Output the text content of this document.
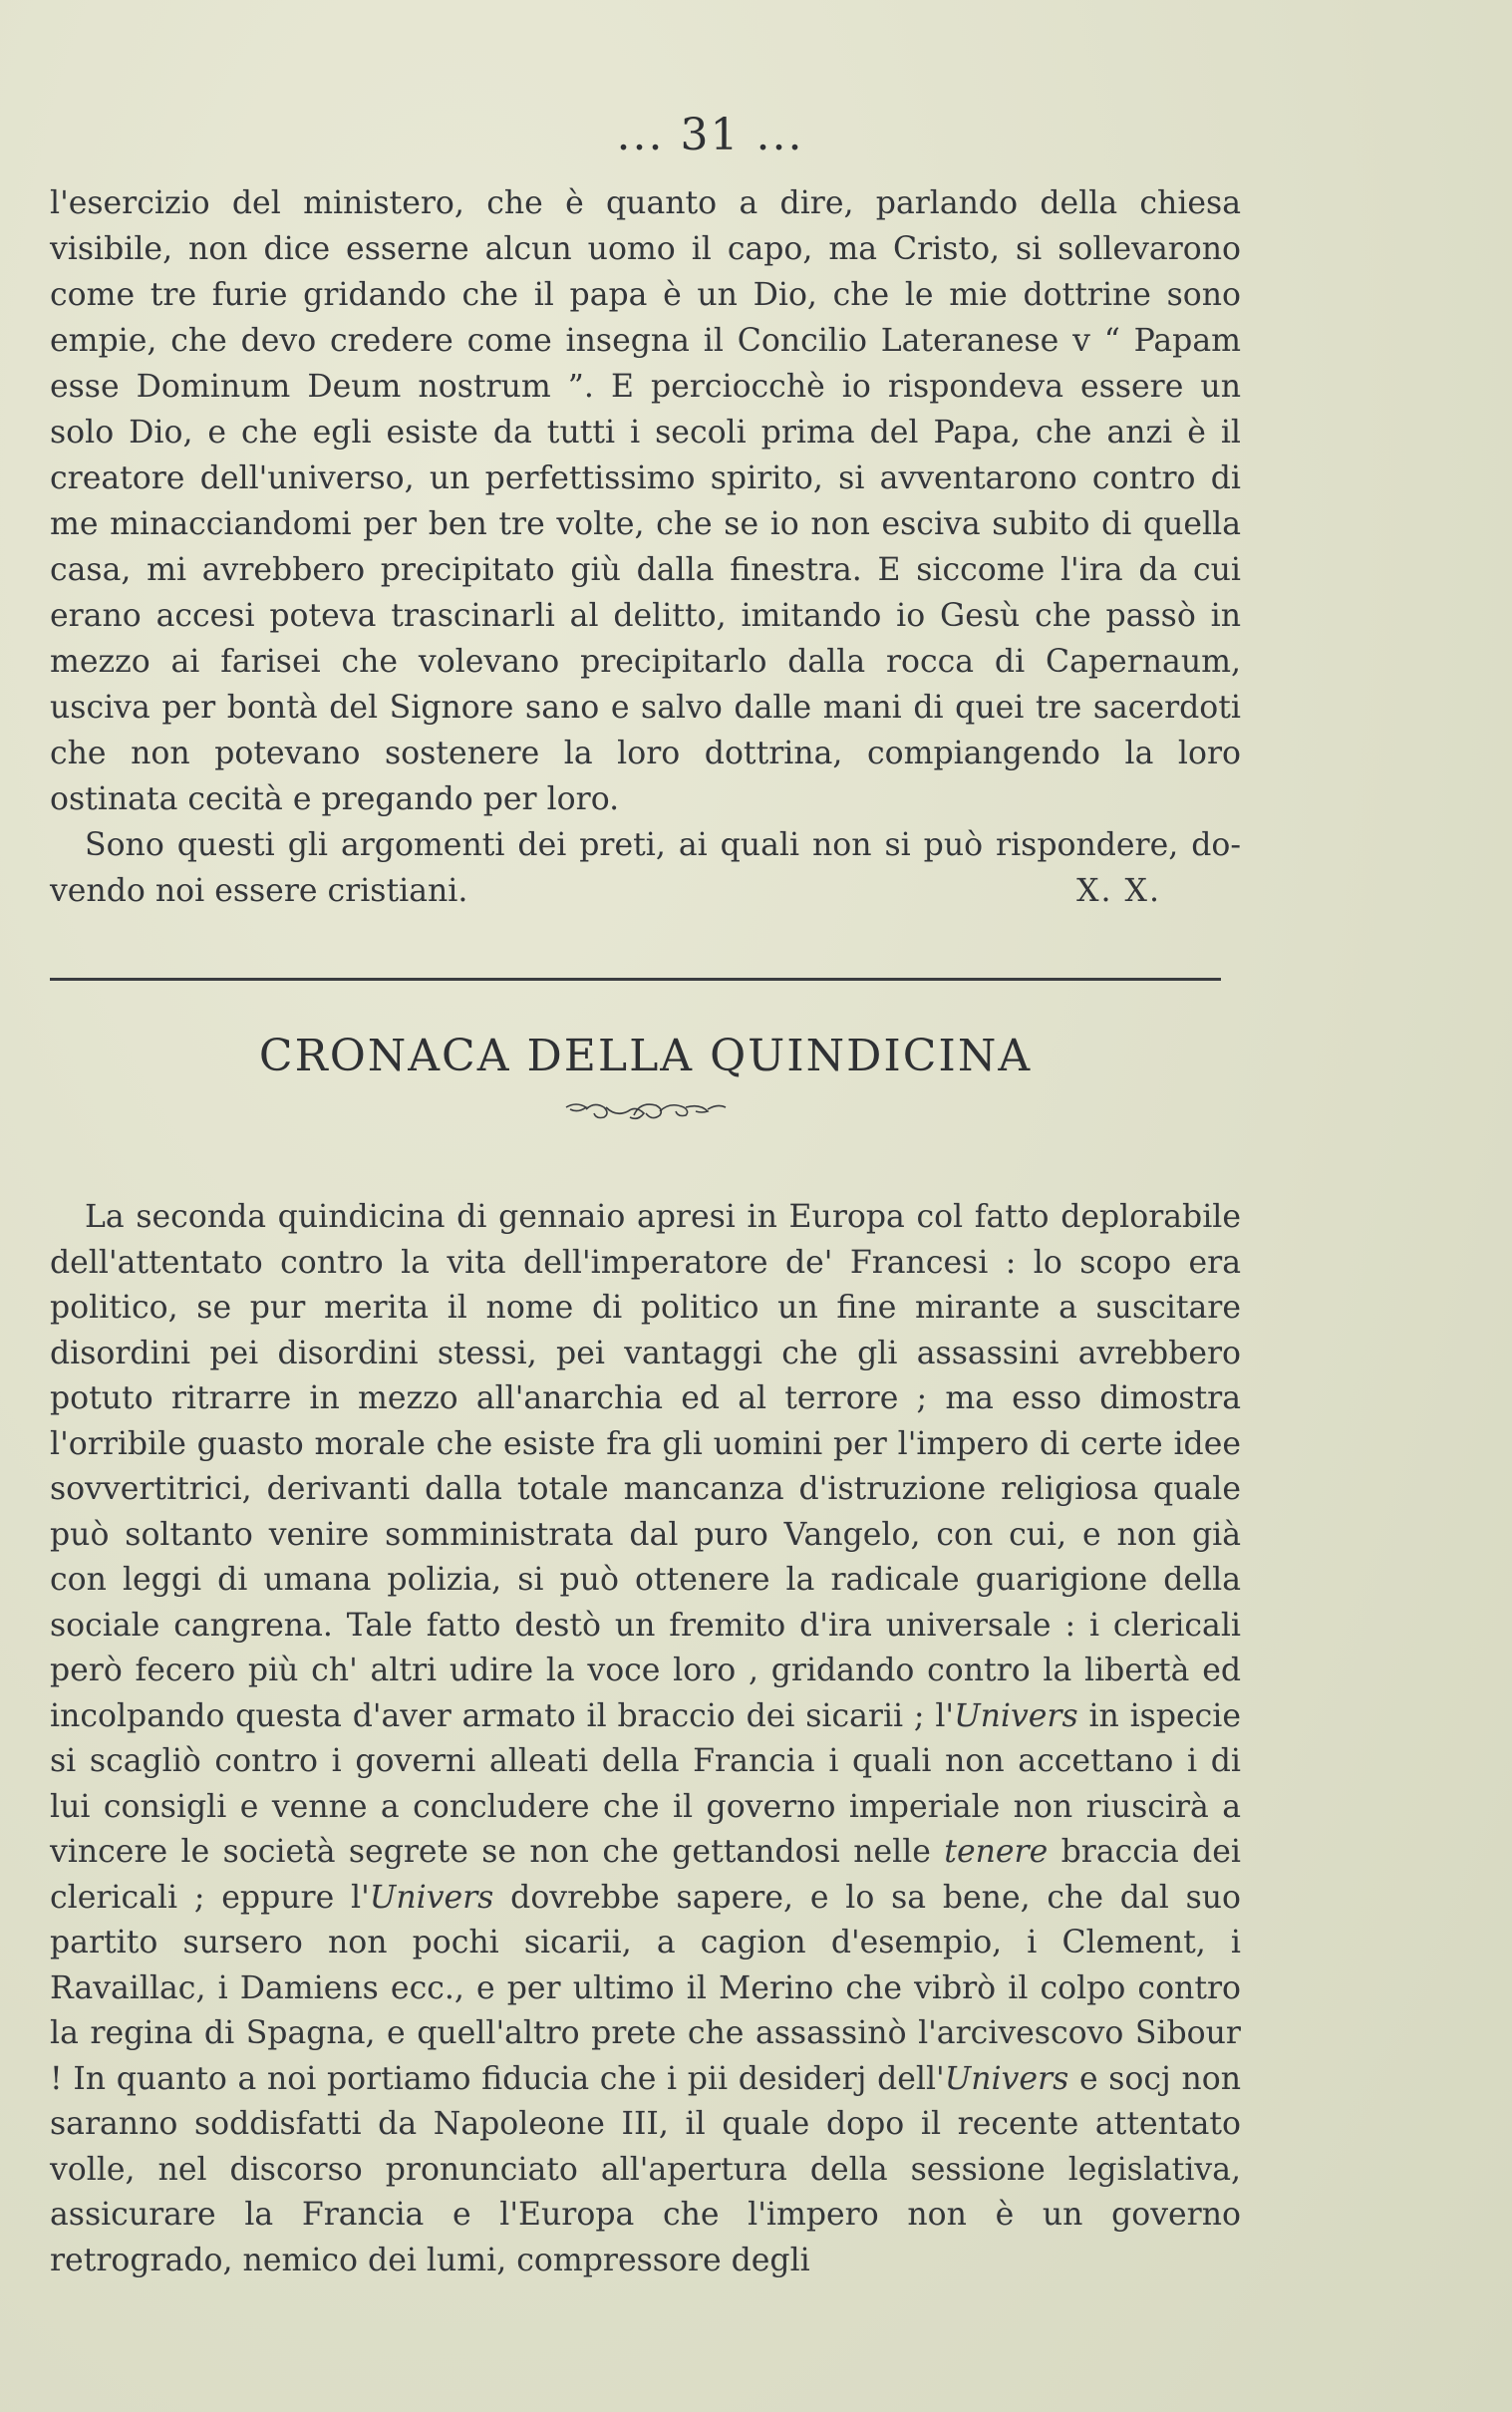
... 31 ...

l'esercizio del ministero, che è quanto a dire, parlando della chiesa visibile, non dice esserne alcun uomo il capo, ma Cristo, si sollevarono come tre furie gridando che il papa è un Dio, che le mie dottrine sono empie, che devo credere come insegna il Concilio Lateranese v “ Papam esse Dominum Deum nostrum ”. E perciocchè io rispondeva essere un solo Dio, e che egli esiste da tutti i secoli prima del Papa, che anzi è il creatore dell'universo, un perfettissimo spirito, si avventarono contro di me minacciandomi per ben tre volte, che se io non esciva subito di quella casa, mi avrebbero precipitato giù dalla finestra. E siccome l'ira da cui erano accesi poteva trascinarli al delitto, imitando io Gesù che passò in mezzo ai farisei che volevano precipitarlo dalla rocca di Capernaum, usciva per bontà del Signore sano e salvo dalle mani di quei tre sacerdoti che non potevano sostenere la loro dottrina, compiangendo la loro ostinata cecità e pregando per loro.

Sono questi gli argomenti dei preti, ai quali non si può rispondere, do-

vendo noi essere cristiani.	X. X.
CRONACA DELLA QUINDICINA

La seconda quindicina di gennaio apresi in Europa col fatto deplorabile dell'attentato contro la vita dell'imperatore de' Francesi : lo scopo era politico, se pur merita il nome di politico un fine mirante a suscitare disordini pei disordini stessi, pei vantaggi che gli assassini avrebbero potuto ritrarre in mezzo all'anarchia ed al terrore ; ma esso dimostra l'orribile guasto morale che esiste fra gli uomini per l'impero di certe idee sovvertitrici, derivanti dalla totale mancanza d'istruzione religiosa quale può soltanto venire somministrata dal puro Vangelo, con cui, e non già con leggi di umana polizia, si può ottenere la radicale guarigione della sociale cangrena. Tale fatto destò un fremito d'ira universale : i clericali però fecero più ch' altri udire la voce loro , gridando contro la libertà ed incolpando questa d'aver armato il braccio dei sicarii ; l'Univers in ispecie si scagliò contro i governi alleati della Francia i quali non accettano i di lui consigli e venne a concludere che il governo imperiale non riuscirà a vincere le società segrete se non che gettandosi nelle tenere braccia dei clericali ; eppure l'Univers dovrebbe sapere, e lo sa bene, che dal suo partito sursero non pochi sicarii, a cagion d'esempio, i Clement, i Ravaillac, i Damiens ecc., e per ultimo il Merino che vibrò il colpo contro la regina di Spagna, e quell'altro prete che assassinò l'arcivescovo Sibour ! In quanto a noi portiamo fiducia che i pii desiderj dell'Univers e socj non saranno soddisfatti da Napoleone III, il quale dopo il recente attentato volle, nel discorso pronunciato all'apertura della sessione legislativa, assicurare la Francia e l'Europa che l'impero non è un governo retrogrado, nemico dei lumi, compressore degli
